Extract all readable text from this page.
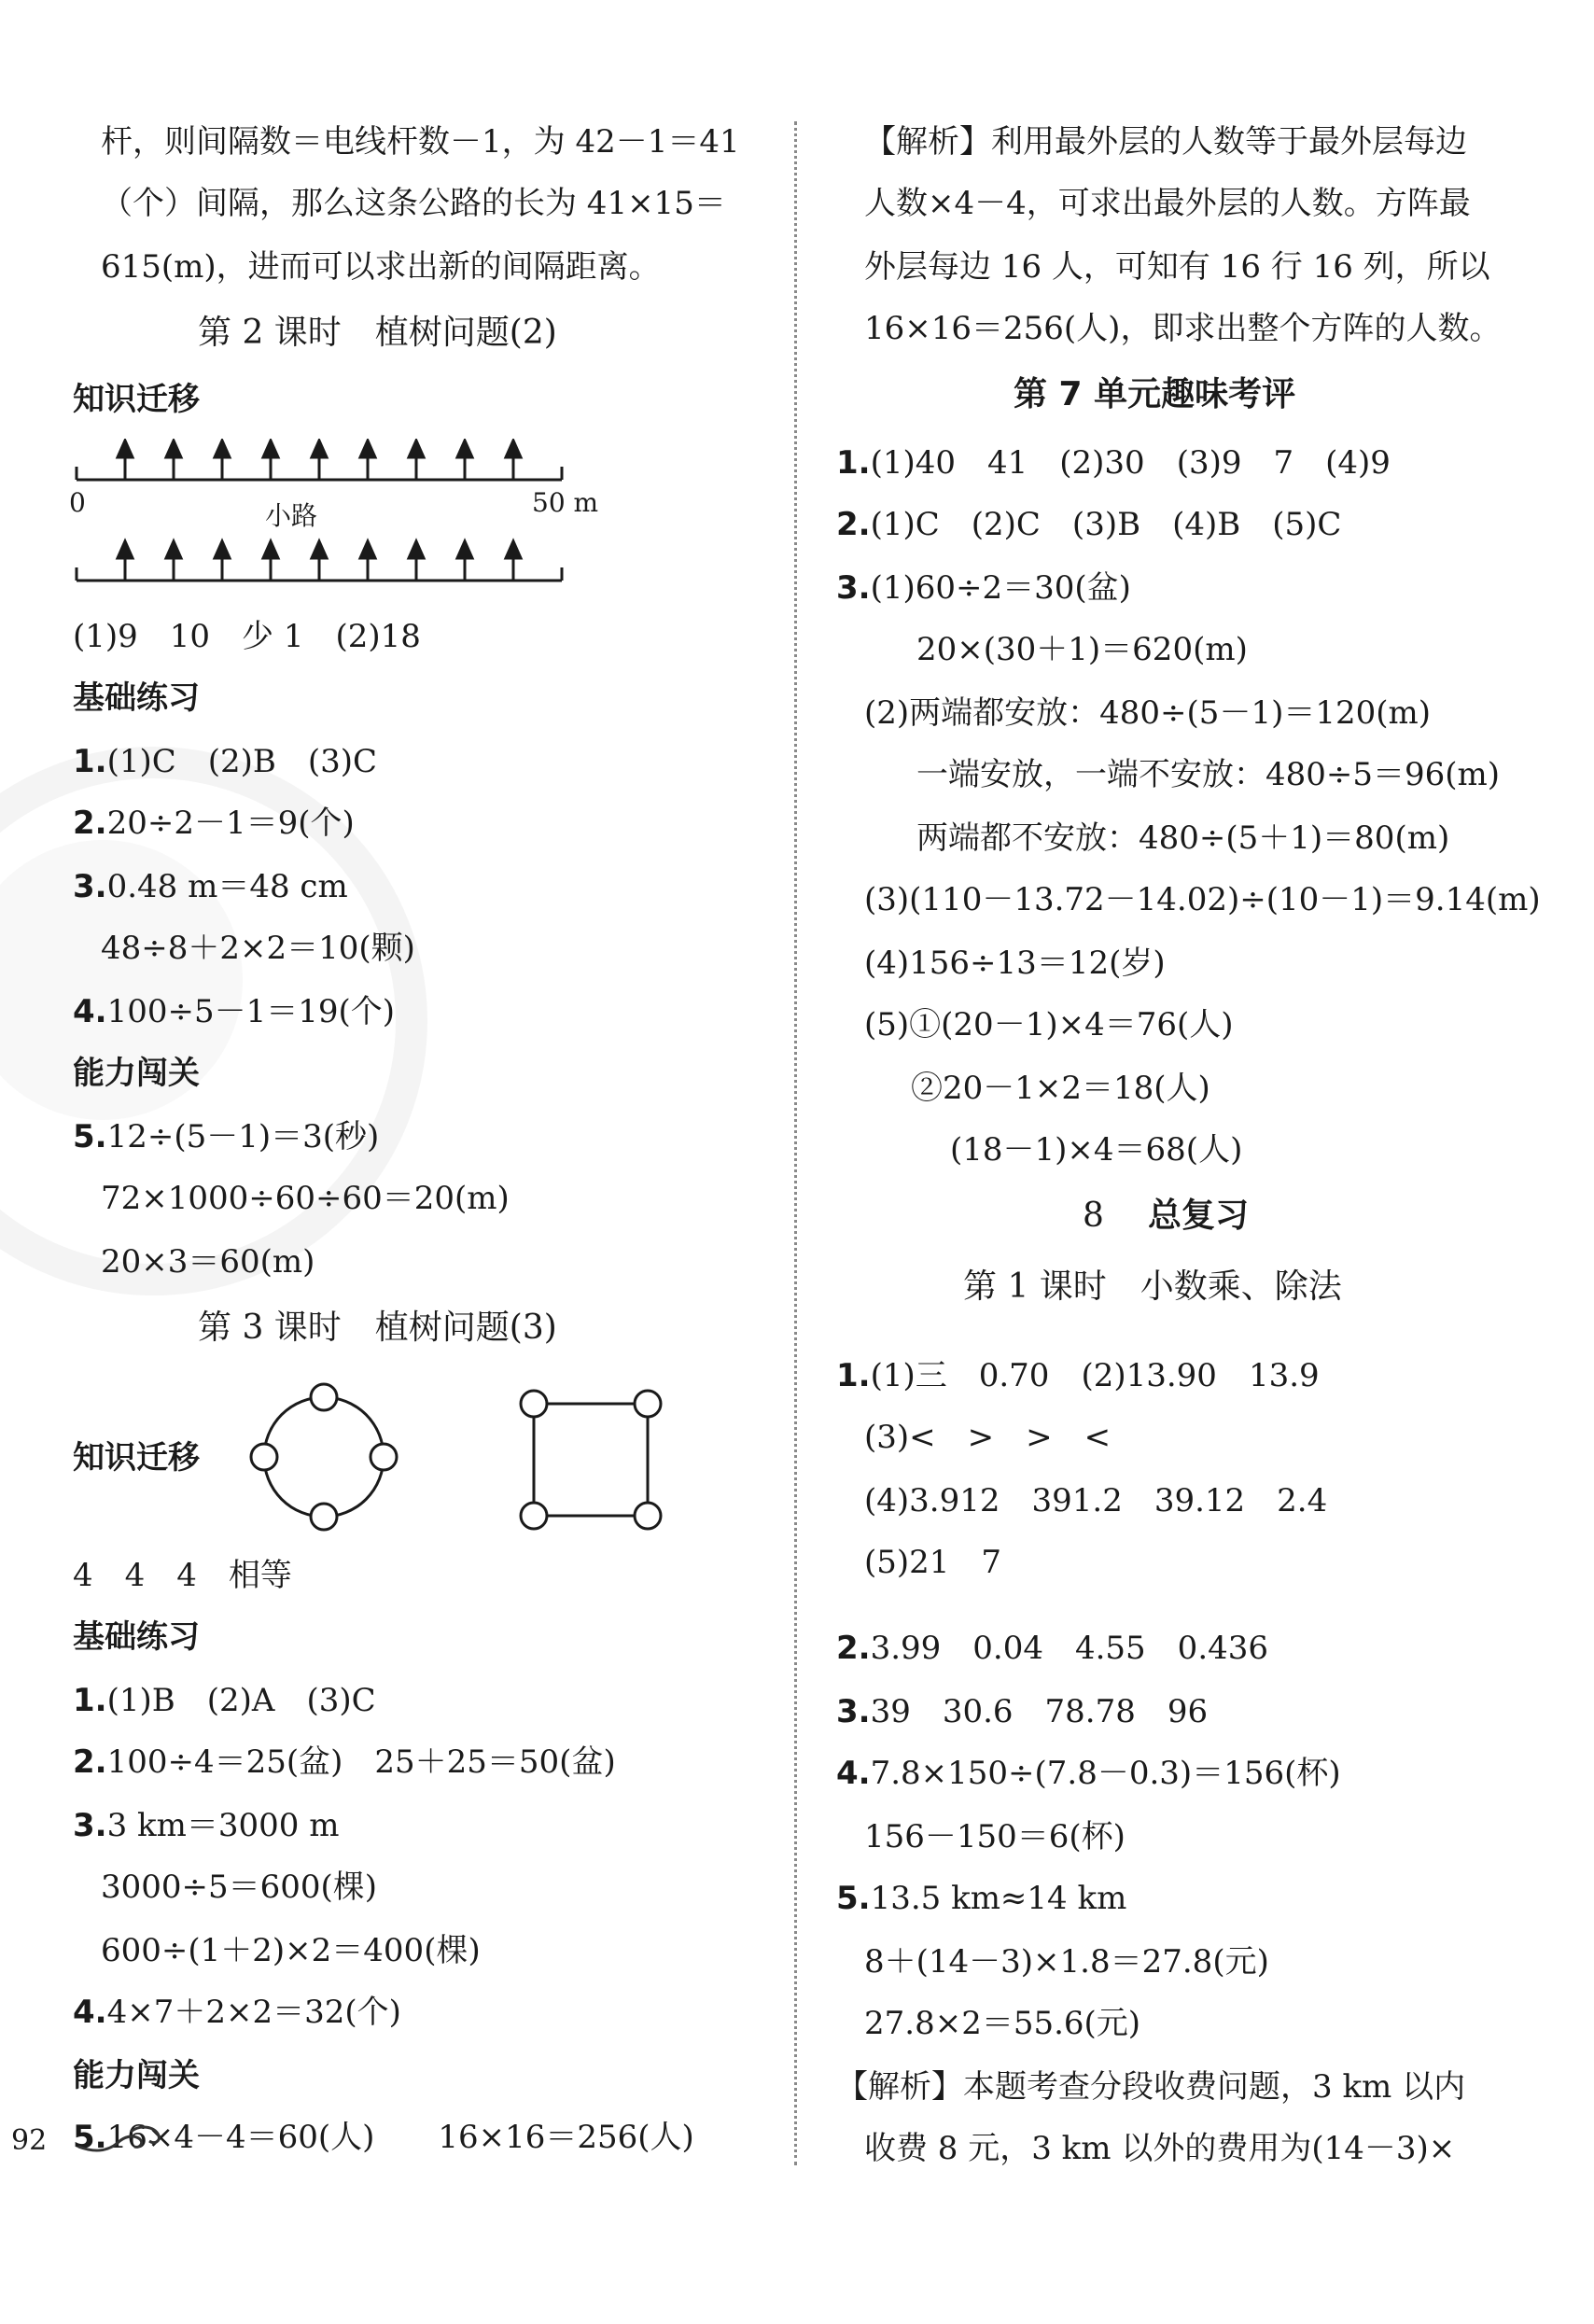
杆，则间隔数＝电线杆数－1，为 42－1＝41
（个）间隔，那么这条公路的长为 41×15＝
615(m)，进而可以求出新的间隔距离。
第 2 课时　植树问题(2)
知识迁移
0	50 m
小路
(1)9　10　少 1　(2)18
基础练习
1.(1)C　(2)B　(3)C
2.20÷2－1＝9(个)
3.0.48 m＝48 cm
48÷8＋2×2＝10(颗)
4.100÷5－1＝19(个)
能力闯关
5.12÷(5－1)＝3(秒)
72×1000÷60÷60＝20(m)
20×3＝60(m)
第 3 课时　植树问题(3)
知识迁移
4　4　4　相等
基础练习
1.(1)B　(2)A　(3)C
2.100÷4＝25(盆)　25＋25＝50(盆)
3.3 km＝3000 m
3000÷5＝600(棵)
600÷(1＋2)×2＝400(棵)
4.4×7＋2×2＝32(个)
能力闯关
5.16×4－4＝60(人)　　16×16＝256(人)
【解析】利用最外层的人数等于最外层每边
人数×4－4，可求出最外层的人数。方阵最
外层每边 16 人，可知有 16 行 16 列，所以
16×16＝256(人)，即求出整个方阵的人数。
第 7 单元趣味考评
1.(1)40　41　(2)30　(3)9　7　(4)9
2.(1)C　(2)C　(3)B　(4)B　(5)C
3.(1)60÷2＝30(盆)
20×(30＋1)＝620(m)
(2)两端都安放：480÷(5－1)＝120(m)
一端安放，一端不安放：480÷5＝96(m)
两端都不安放：480÷(5＋1)＝80(m)
(3)(110－13.72－14.02)÷(10－1)＝9.14(m)
(4)156÷13＝12(岁)
(5)①(20－1)×4＝76(人)
②20－1×2＝18(人)
(18－1)×4＝68(人)
8 总复习
第 1 课时　小数乘、除法
1.(1)三　0.70　(2)13.90　13.9
(3)<　>　>　<
(4)3.912　391.2　39.12　2.4
(5)21　7
2.3.99　0.04　4.55　0.436
3.39　30.6　78.78　96
4.7.8×150÷(7.8－0.3)＝156(杯)
156－150＝6(杯)
5.13.5 km≈14 km
8＋(14－3)×1.8＝27.8(元)
27.8×2＝55.6(元)
【解析】本题考查分段收费问题，3 km 以内
收费 8 元，3 km 以外的费用为(14－3)×
92
